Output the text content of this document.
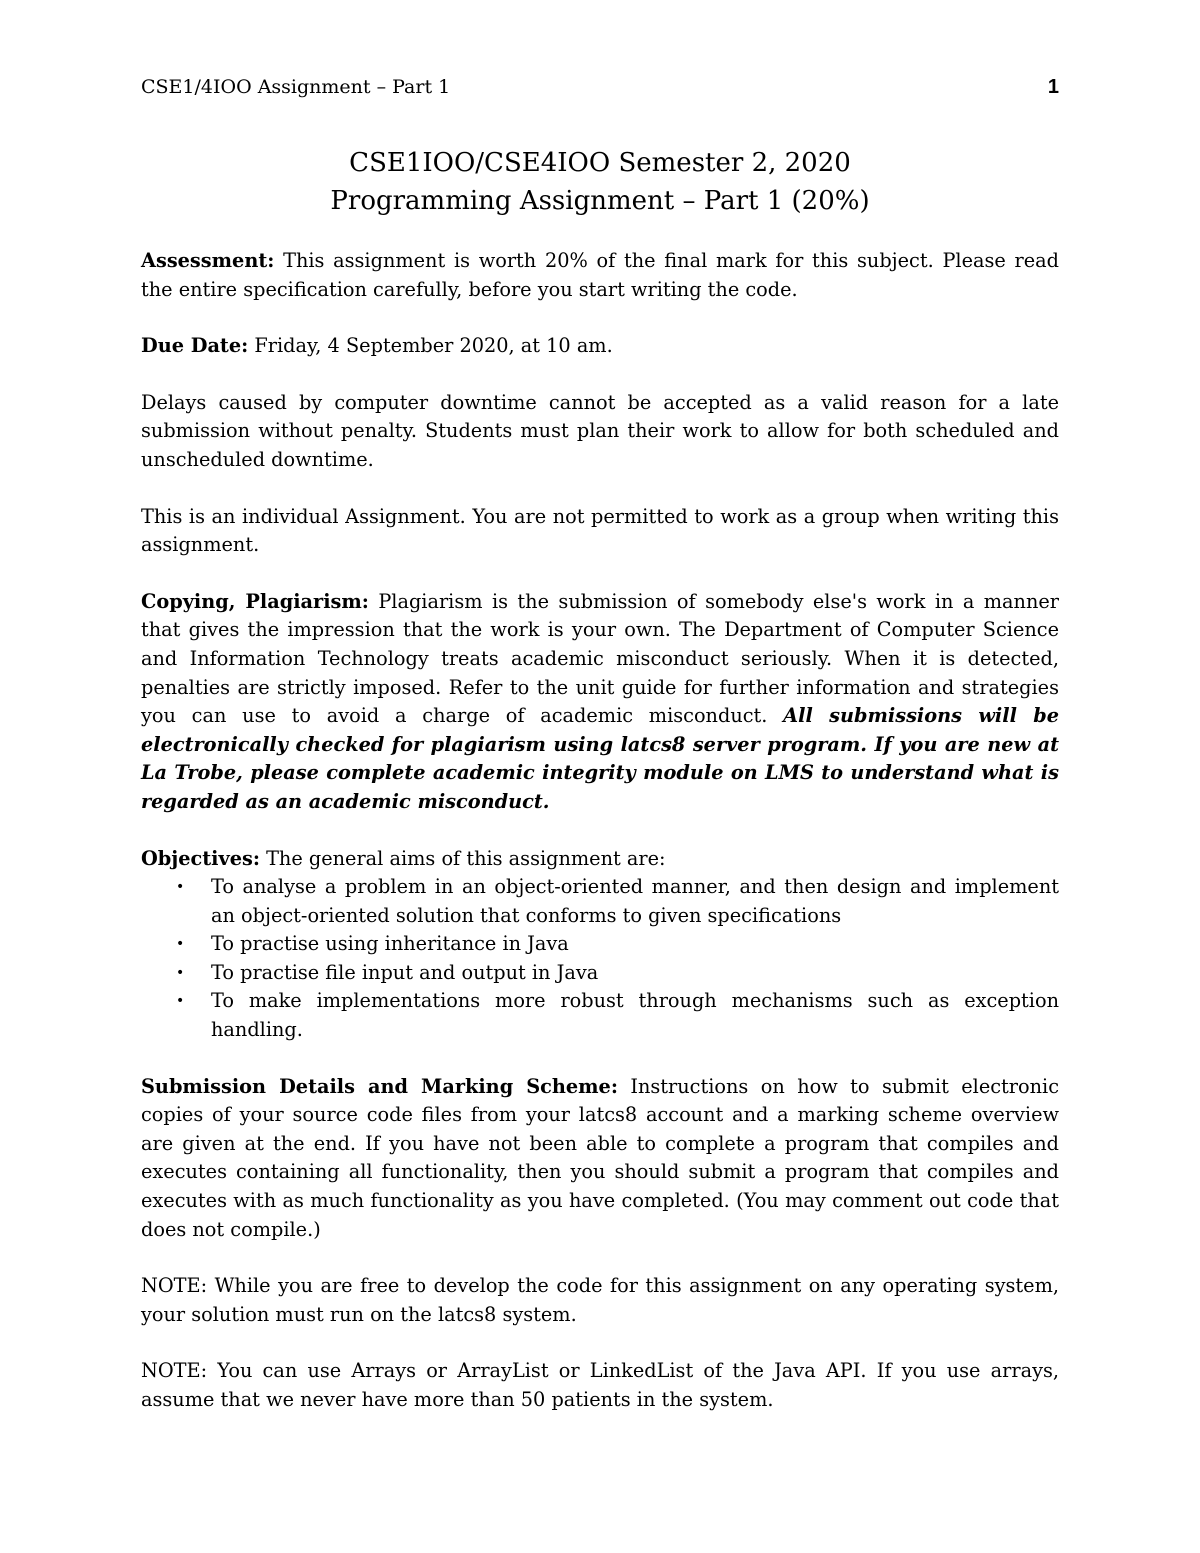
CSE1/4IOO Assignment – Part 1	1
CSE1IOO/CSE4IOO Semester 2, 2020
Programming Assignment – Part 1 (20%)

Assessment: This assignment is worth 20% of the final mark for this subject. Please read the entire specification carefully, before you start writing the code.

Due Date: Friday, 4 September 2020, at 10 am.

Delays caused by computer downtime cannot be accepted as a valid reason for a late submission without penalty. Students must plan their work to allow for both scheduled and unscheduled downtime.

This is an individual Assignment. You are not permitted to work as a group when writing this assignment.

Copying, Plagiarism: Plagiarism is the submission of somebody else's work in a manner that gives the impression that the work is your own. The Department of Computer Science and Information Technology treats academic misconduct seriously. When it is detected, penalties are strictly imposed. Refer to the unit guide for further information and strategies you can use to avoid a charge of academic misconduct. All submissions will be electronically checked for plagiarism using latcs8 server program. If you are new at La Trobe, please complete academic integrity module on LMS to understand what is regarded as an academic misconduct.

Objectives: The general aims of this assignment are:

• To analyse a problem in an object-oriented manner, and then design and implement an object-oriented solution that conforms to given specifications
• To practise using inheritance in Java
• To practise file input and output in Java
• To make implementations more robust through mechanisms such as exception handling.

Submission Details and Marking Scheme: Instructions on how to submit electronic copies of your source code files from your latcs8 account and a marking scheme overview are given at the end. If you have not been able to complete a program that compiles and executes containing all functionality, then you should submit a program that compiles and executes with as much functionality as you have completed. (You may comment out code that does not compile.)

NOTE: While you are free to develop the code for this assignment on any operating system, your solution must run on the latcs8 system.

NOTE: You can use Arrays or ArrayList or LinkedList of the Java API. If you use arrays, assume that we never have more than 50 patients in the system.
